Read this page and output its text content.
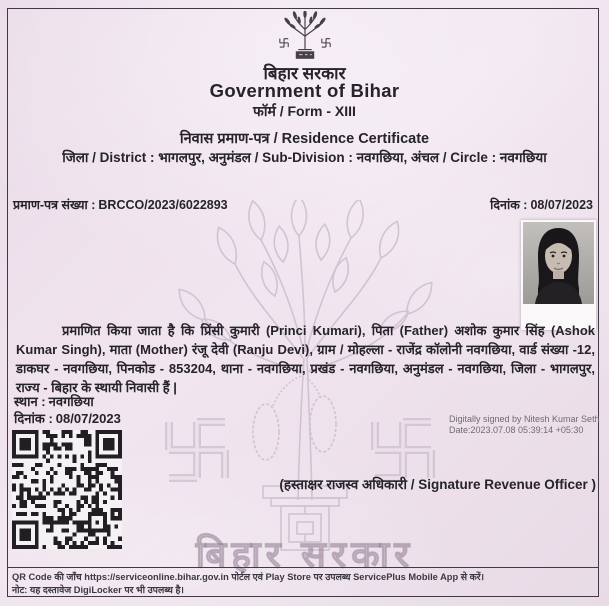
बिहार सरकार
बिहार सरकार
Government of Bihar
फॉर्म / Form - XIII
निवास प्रमाण-पत्र / Residence Certificate
जिला / District : भागलपुर, अनुमंडल / Sub-Division : नवगछिया, अंचल / Circle : नवगछिया
प्रमाण-पत्र संख्या : BRCCO/2023/6022893	दिनांक : 08/07/2023

प्रमाणित किया जाता है कि प्रिंसी कुमारी (Princi Kumari), पिता (Father) अशोक कुमार सिंह (Ashok Kumar Singh), माता (Mother) रंजू देवी (Ranju Devi), ग्राम / मोहल्ला - राजेंद्र कॉलोनी नवगछिया, वार्ड संख्या -12, डाकघर - नवगछिया, पिनकोड - 853204, थाना - नवगछिया, प्रखंड - नवगछिया, अनुमंडल - नवगछिया, जिला - भागलपुर, राज्य - बिहार के स्थायी निवासी हैं |

स्थान : नवगछिया
दिनांक : 08/07/2023	Digitally signed by Nitesh Kumar Seth
Date:2023.07.08 05:39:14 +05:30
(हस्ताक्षर राजस्व अधिकारी / Signature Revenue Officer )
QR Code की जाँच https://serviceonline.bihar.gov.in पोर्टल एवं Play Store पर उपलब्ध ServicePlus Mobile App से करें।
नोट: यह दस्तावेज DigiLocker पर भी उपलब्ध है।
